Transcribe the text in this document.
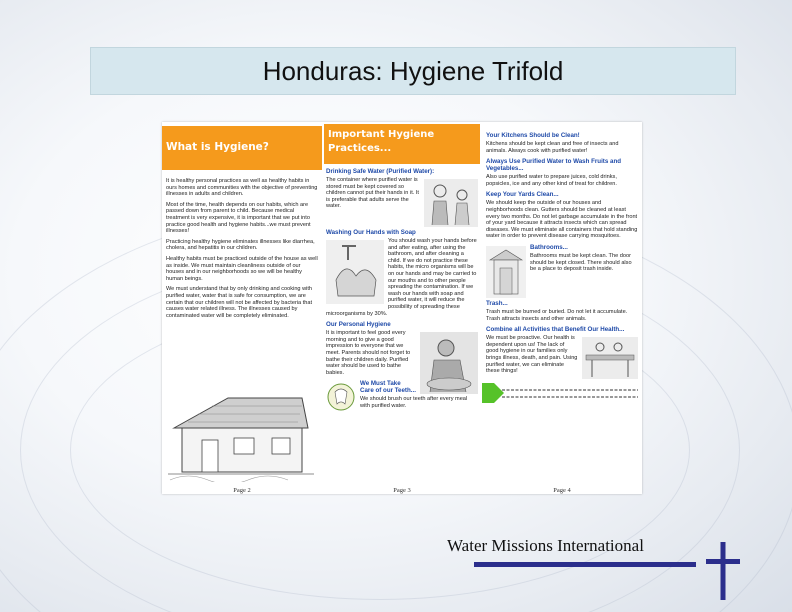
Honduras: Hygiene Trifold
What is Hygiene?

It is healthy personal practices as well as healthy habits in ours homes and communities with the objective of preventing illnesses in adults and children.

Most of the time, health depends on our habits, which are passed down from parent to child. Because medical treatment is very expensive, it is important that we put into practice good health and hygiene habits...we must prevent illnesses!

Practicing healthy hygiene eliminates illnesses like diarrhea, cholera, and hepatitis in our children.

Healthy habits must be practiced outside of the house as well as inside. We must maintain cleanliness outside of our houses and in our neighborhoods so we will be healthy human beings.

We must understand that by only drinking and cooking with purified water, water that is safe for consumption, we are certain that our children will not be affected by bacteria that causes water related illness. The illnesses caused by contaminated water will be completely eliminated.

Page 2
Important Hygiene Practices...
Drinking Safe Water (Purified Water):

The container where purified water is stored must be kept covered so children cannot put their hands in it. It is preferable that adults serve the water.

Washing Our Hands with Soap

You should wash your hands before and after eating, after using the bathroom, and after cleaning a child. If we do not practice these habits, the micro organisms will be on our hands and may be carried to our mouths and to other people spreading the contamination. If we wash our hands with soap and purified water, it will reduce the possibility of spreading these microorganisms by 30%.

Our Personal Hygiene

It is important to feel good every morning and to give a good impression to everyone that we meet. Parents should not forget to bathe their children daily. Purified water should be used to bathe babies.

We Must Take Care of our Teeth...

We should brush our teeth after every meal with purified water.

Page 3
Your Kitchens Should be Clean!

Kitchens should be kept clean and free of insects and animals. Always cook with purified water!

Always Use Purified Water to Wash Fruits and Vegetables...

Also use purified water to prepare juices, cold drinks, popsicles, ice and any other kind of treat for children.

Keep Your Yards Clean...

We should keep the outside of our houses and neighborhoods clean. Gutters should be cleaned at least every two months. Do not let garbage accumulate in the front of your yard because it attracts insects which can spread diseases. We must eliminate all containers that hold standing water in order to prevent disease carrying mosquitoes.

Bathrooms...

Bathrooms must be kept clean. The door should be kept closed. There should also be a place to deposit trash inside.

Trash...

Trash must be burned or buried. Do not let it accumulate. Trash attracts insects and other animals.

Combine all Activities that Benefit Our Health...

We must be proactive. Our health is dependent upon us! The lack of good hygiene in our families only brings illness, death, and pain. Using purified water, we can eliminate these things!

Page 4
Water Missions International
